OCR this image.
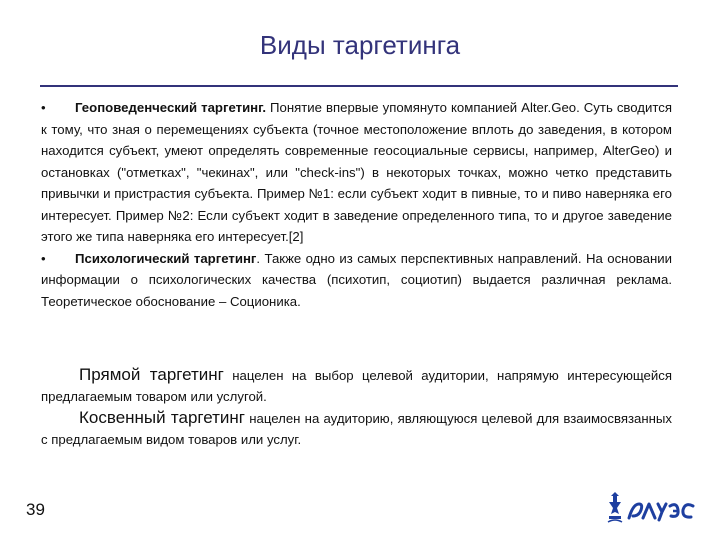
Виды таргетинга

• Геоповеденческий таргетинг. Понятие впервые упомянуто компанией Alter.Geo. Суть сводится к тому, что зная о перемещениях субъекта (точное местоположение вплоть до заведения, в котором находится субъект, умеют определять современные геосоциальные сервисы, например, AlterGeo) и остановках ("отметках", "чекинах", или "check-ins") в некоторых точках, можно четко представить привычки и пристрастия субъекта. Пример №1: если субъект ходит в пивные, то и пиво наверняка его интересует. Пример №2: Если субъект ходит в заведение определенного типа, то и другое заведение этого же типа наверняка его интересует.[2]

• Психологический таргетинг. Также одно из самых перспективных направлений. На основании информации о психологических качества (психотип, социотип) выдается различная реклама. Теоретическое обоснование – Соционика.

Прямой таргетинг нацелен на выбор целевой аудитории, напрямую интересующейся предлагаемым товаром или услугой.

Косвенный таргетинг нацелен на аудиторию, являющуюся целевой для взаимосвязанных с предлагаемым видом товаров или услуг.

39
